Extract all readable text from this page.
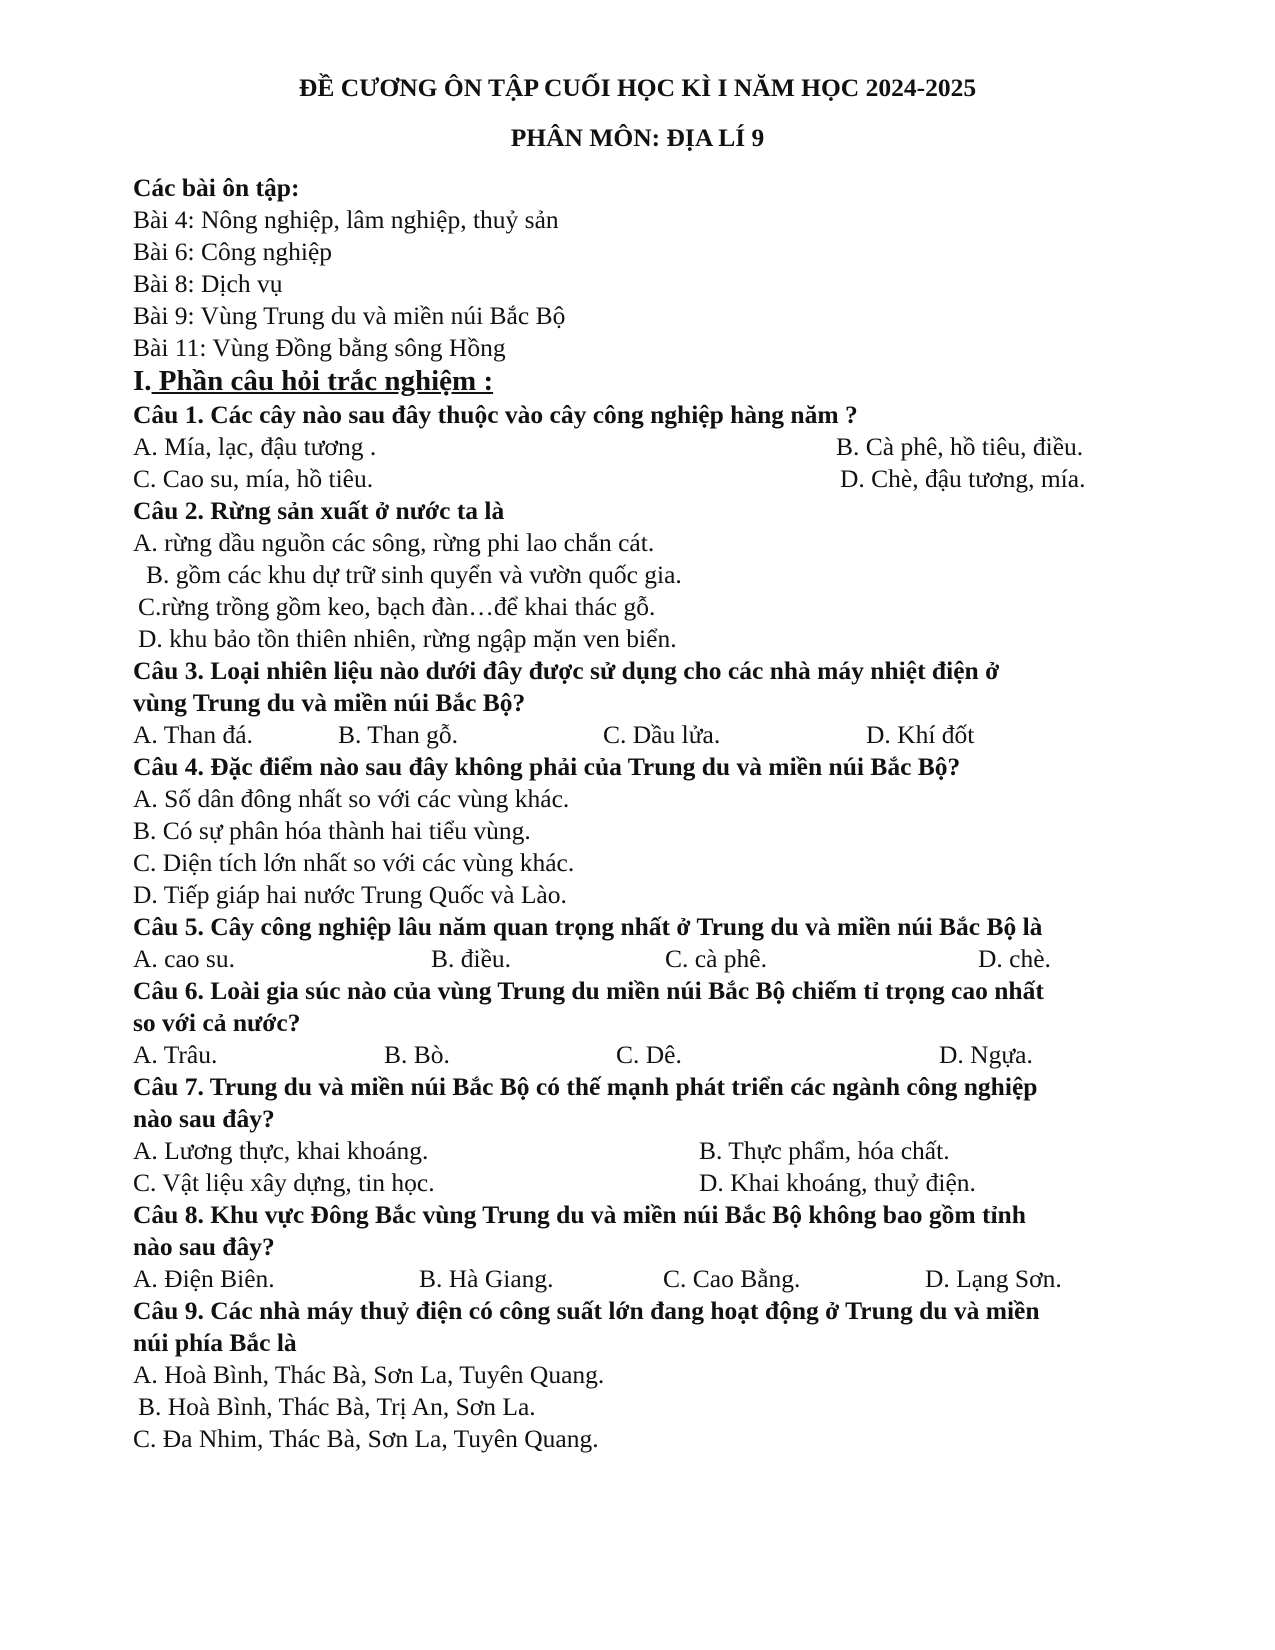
ĐỀ CƯƠNG ÔN TẬP CUỐI HỌC KÌ I NĂM HỌC 2024-2025
PHÂN MÔN: ĐỊA LÍ 9
Các bài ôn tập:
Bài 4: Nông nghiệp, lâm nghiệp, thuỷ sản
Bài 6: Công nghiệp
Bài 8: Dịch vụ
Bài 9: Vùng Trung du và miền núi Bắc Bộ
Bài 11: Vùng Đồng bằng sông Hồng
I. Phần câu hỏi trắc nghiệm :
Câu 1. Các cây nào sau đây thuộc vào cây công nghiệp hàng năm ?
A. Mía, lạc, đậu tương .	B. Cà phê, hồ tiêu, điều.
C. Cao su, mía, hồ tiêu.	D. Chè, đậu tương, mía.
Câu 2. Rừng sản xuất ở nước ta là
A. rừng dầu nguồn các sông, rừng phi lao chắn cát.
B. gồm các khu dự trữ sinh quyển và vườn quốc gia.
C.rừng trồng gồm keo, bạch đàn…để khai thác gỗ.
D. khu bảo tồn thiên nhiên, rừng ngập mặn ven biển.
Câu 3. Loại nhiên liệu nào dưới đây được sử dụng cho các nhà máy nhiệt điện ở
vùng Trung du và miền núi Bắc Bộ?
A. Than đá.	B. Than gỗ.	C. Dầu lửa.	D. Khí đốt
Câu 4. Đặc điểm nào sau đây không phải của Trung du và miền núi Bắc Bộ?
A. Số dân đông nhất so với các vùng khác.
B. Có sự phân hóa thành hai tiểu vùng.
C. Diện tích lớn nhất so với các vùng khác.
D. Tiếp giáp hai nước Trung Quốc và Lào.
Câu 5. Cây công nghiệp lâu năm quan trọng nhất ở Trung du và miền núi Bắc Bộ là
A. cao su.	B. điều.	C. cà phê.	D. chè.
Câu 6. Loài gia súc nào của vùng Trung du miền núi Bắc Bộ chiếm tỉ trọng cao nhất
so với cả nước?
A. Trâu.	B. Bò.	C. Dê.	D. Ngựa.
Câu 7. Trung du và miền núi Bắc Bộ có thế mạnh phát triển các ngành công nghiệp
nào sau đây?
A. Lương thực, khai khoáng.	B. Thực phẩm, hóa chất.
C. Vật liệu xây dựng, tin học.	D. Khai khoáng, thuỷ điện.
Câu 8. Khu vực Đông Bắc vùng Trung du và miền núi Bắc Bộ không bao gồm tỉnh
nào sau đây?
A. Điện Biên.	B. Hà Giang.	C. Cao Bằng.	D. Lạng Sơn.
Câu 9. Các nhà máy thuỷ điện có công suất lớn đang hoạt động ở Trung du và miền
núi phía Bắc là
A. Hoà Bình, Thác Bà, Sơn La, Tuyên Quang.
B. Hoà Bình, Thác Bà, Trị An, Sơn La.
C. Đa Nhim, Thác Bà, Sơn La, Tuyên Quang.
